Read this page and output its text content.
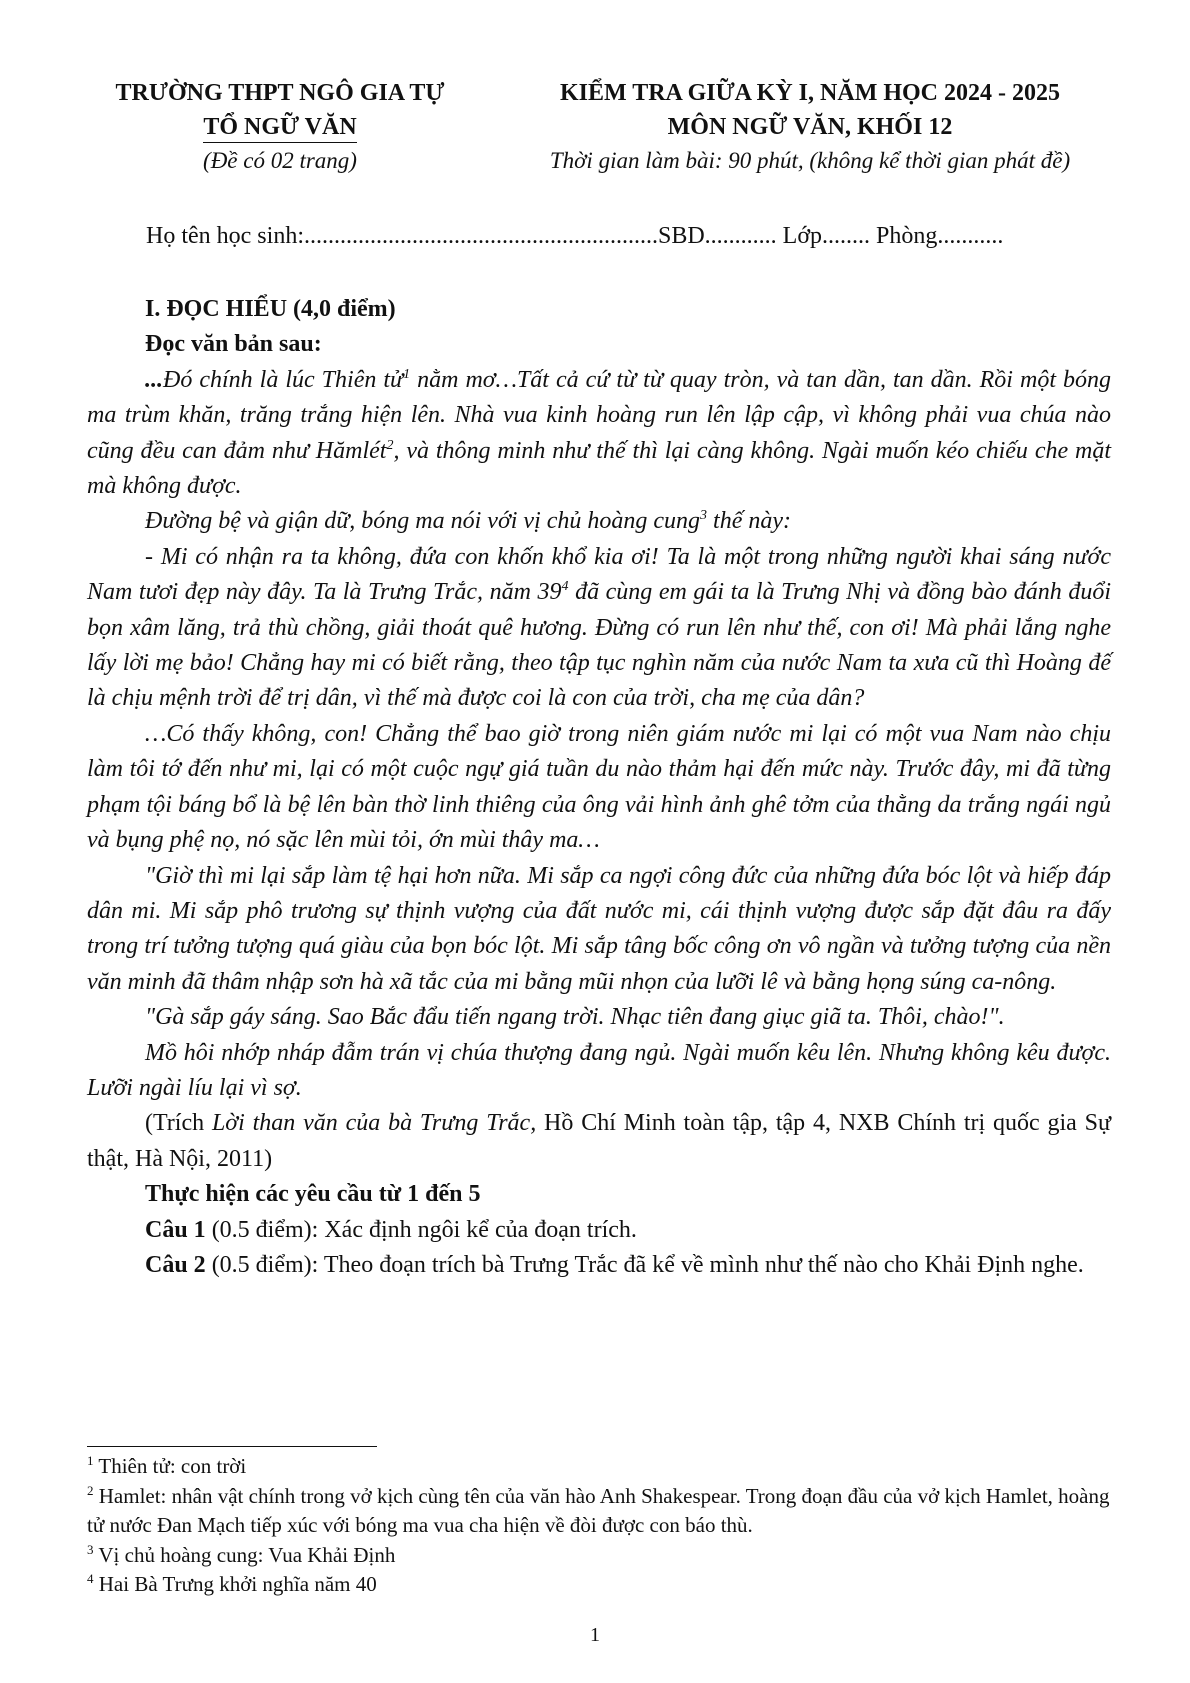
TRƯỜNG THPT NGÔ GIA TỰ
TỔ NGỮ VĂN
(Đề có 02 trang)
KIỂM TRA GIỮA KỲ I, NĂM HỌC 2024 - 2025
MÔN NGỮ VĂN, KHỐI 12
Thời gian làm bài: 90 phút, (không kể thời gian phát đề)
Họ tên học sinh:...........................................................SBD............ Lớp........ Phòng...........

I. ĐỌC HIỂU (4,0 điểm)

Đọc văn bản sau:

...Đó chính là lúc Thiên tử$^1$ nằm mơ…Tất cả cứ từ từ quay tròn, và tan dần, tan dần. Rồi một bóng ma trùm khăn, trăng trắng hiện lên. Nhà vua kinh hoàng run lên lập cập, vì không phải vua chúa nào cũng đều can đảm như Hămlét$^2$, và thông minh như thế thì lại càng không. Ngài muốn kéo chiếu che mặt mà không được.

Đường bệ và giận dữ, bóng ma nói với vị chủ hoàng cung$^3$ thế này:

- Mi có nhận ra ta không, đứa con khốn khổ kia ơi! Ta là một trong những người khai sáng nước Nam tươi đẹp này đây. Ta là Trưng Trắc, năm $39^4$ đã cùng em gái ta là Trưng Nhị và đồng bào đánh đuổi bọn xâm lăng, trả thù chồng, giải thoát quê hương. Đừng có run lên như thế, con ơi! Mà phải lắng nghe lấy lời mẹ bảo! Chẳng hay mi có biết rằng, theo tập tục nghìn năm của nước Nam ta xưa cũ thì Hoàng đế là chịu mệnh trời để trị dân, vì thế mà được coi là con của trời, cha mẹ của dân?

…Có thấy không, con! Chẳng thể bao giờ trong niên giám nước mi lại có một vua Nam nào chịu làm tôi tớ đến như mi, lại có một cuộc ngự giá tuần du nào thảm hại đến mức này. Trước đây, mi đã từng phạm tội báng bổ là bệ lên bàn thờ linh thiêng của ông vải hình ảnh ghê tởm của thằng da trắng ngái ngủ và bụng phệ nọ, nó sặc lên mùi tỏi, ớn mùi thây ma…

"Giờ thì mi lại sắp làm tệ hại hơn nữa. Mi sắp ca ngợi công đức của những đứa bóc lột và hiếp đáp dân mi. Mi sắp phô trương sự thịnh vượng của đất nước mi, cái thịnh vượng được sắp đặt đâu ra đấy trong trí tưởng tượng quá giàu của bọn bóc lột. Mi sắp tâng bốc công ơn vô ngần và tưởng tượng của nền văn minh đã thâm nhập sơn hà xã tắc của mi bằng mũi nhọn của lưỡi lê và bằng họng súng ca-nông.

"Gà sắp gáy sáng. Sao Bắc đẩu tiến ngang trời. Nhạc tiên đang giục giã ta. Thôi, chào!".

Mồ hôi nhớp nháp đẫm trán vị chúa thượng đang ngủ. Ngài muốn kêu lên. Nhưng không kêu được. Lưỡi ngài líu lại vì sợ.

(Trích Lời than văn của bà Trưng Trắc, Hồ Chí Minh toàn tập, tập 4, NXB Chính trị quốc gia Sự thật, Hà Nội, 2011)

Thực hiện các yêu cầu từ 1 đến 5

Câu 1 (0.5 điểm): Xác định ngôi kể của đoạn trích.

Câu 2 (0.5 điểm): Theo đoạn trích bà Trưng Trắc đã kể về mình như thế nào cho Khải Định nghe.

$^1$ Thiên tử: con trời

$^2$ Hamlet: nhân vật chính trong vở kịch cùng tên của văn hào Anh Shakespear. Trong đoạn đầu của vở kịch Hamlet, hoàng tử nước Đan Mạch tiếp xúc với bóng ma vua cha hiện về đòi được con báo thù.

$^3$ Vị chủ hoàng cung: Vua Khải Định

$^4$ Hai Bà Trưng khởi nghĩa năm 40

1
